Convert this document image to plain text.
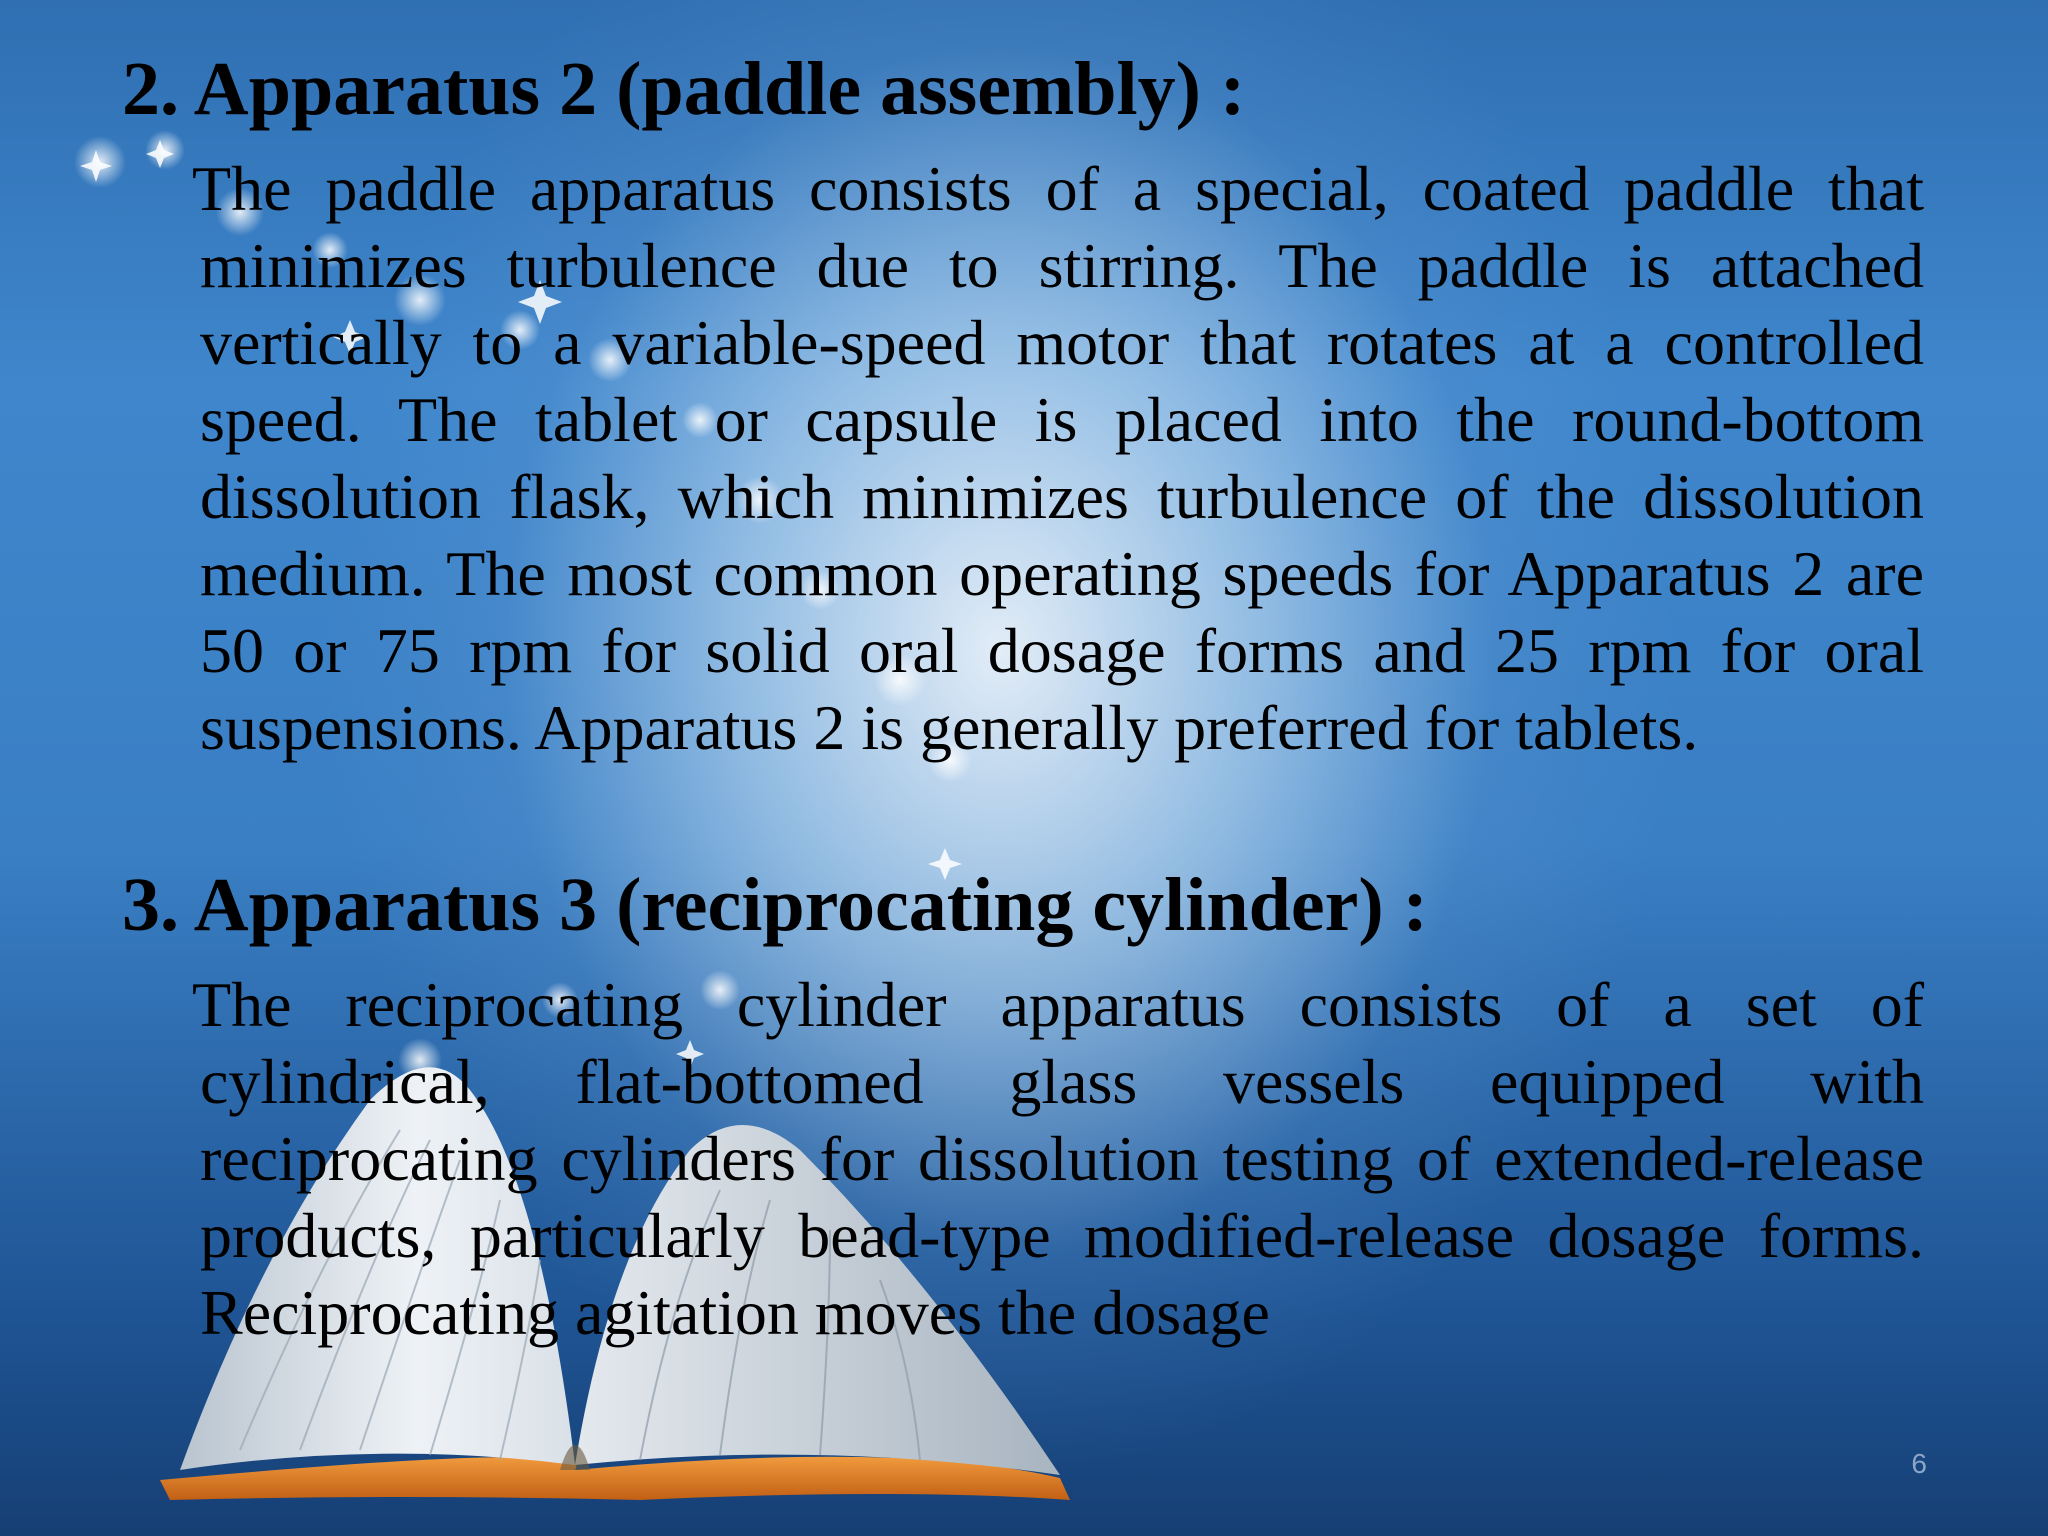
2. Apparatus 2 (paddle assembly) :
The paddle apparatus consists of a special, coated paddle that minimizes turbulence due to stirring. The paddle is attached vertically to a variable-speed motor that rotates at a controlled speed. The tablet or capsule is placed into the round-bottom dissolution flask, which minimizes turbulence of the dissolution medium. The most common operating speeds for Apparatus 2 are 50 or 75 rpm for solid oral dosage forms and 25 rpm for oral suspensions. Apparatus 2 is generally preferred for tablets.
3. Apparatus 3 (reciprocating cylinder) :
The reciprocating cylinder apparatus consists of a set of cylindrical, flat-bottomed glass vessels equipped with reciprocating cylinders for dissolution testing of extended-release products, particularly bead-type modified-release dosage forms. Reciprocating agitation moves the dosage
6
